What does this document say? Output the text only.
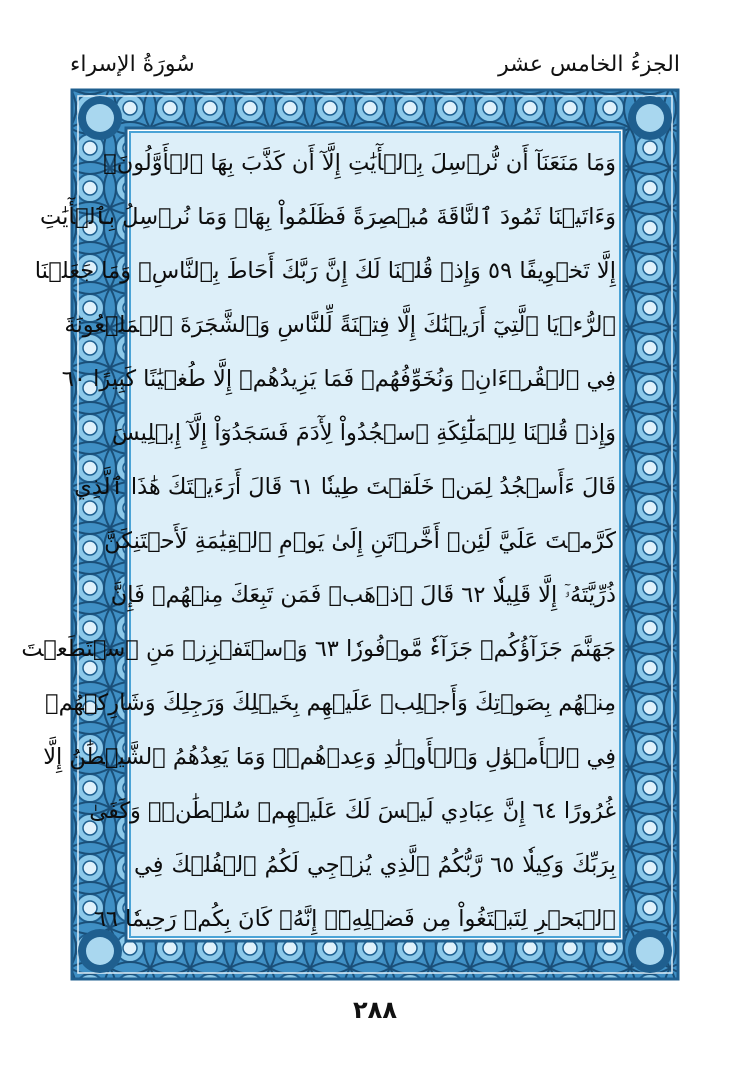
الجزءُ الخامس عشر
سُورَةُ الإسراء
وَمَا مَنَعَنَآ أَن نُّرۡسِلَ بِٱلۡأٓيَٰتِ إِلَّآ أَن كَذَّبَ بِهَا ٱلۡأَوَّلُونَۚ
وَءَاتَيۡنَا ثَمُودَ ٱلنَّاقَةَ مُبۡصِرَةً فَظَلَمُواْ بِهَاۚ وَمَا نُرۡسِلُ بِٱلۡأٓيَٰتِ
إِلَّا تَخۡوِيفًا ٥٩ وَإِذۡ قُلۡنَا لَكَ إِنَّ رَبَّكَ أَحَاطَ بِٱلنَّاسِۚ وَمَا جَعَلۡنَا
ٱلرُّءۡيَا ٱلَّتِيٓ أَرَيۡنَٰكَ إِلَّا فِتۡنَةً لِّلنَّاسِ وَٱلشَّجَرَةَ ٱلۡمَلۡعُونَةَ
فِي ٱلۡقُرۡءَانِۚ وَنُخَوِّفُهُمۡ فَمَا يَزِيدُهُمۡ إِلَّا طُغۡيَٰنًا كَبِيرًا ٦٠
وَإِذۡ قُلۡنَا لِلۡمَلَٰٓئِكَةِ ٱسۡجُدُواْ لِأٓدَمَ فَسَجَدُوٓاْ إِلَّآ إِبۡلِيسَ
قَالَ ءَأَسۡجُدُ لِمَنۡ خَلَقۡتَ طِينٗا ٦١ قَالَ أَرَءَيۡتَكَ هَٰذَا ٱلَّذِي
كَرَّمۡتَ عَلَيَّ لَئِنۡ أَخَّرۡتَنِ إِلَىٰ يَوۡمِ ٱلۡقِيَٰمَةِ لَأَحۡتَنِكَنَّ
ذُرِّيَّتَهُۥٓ إِلَّا قَلِيلٗا ٦٢ قَالَ ٱذۡهَبۡ فَمَن تَبِعَكَ مِنۡهُمۡ فَإِنَّ
جَهَنَّمَ جَزَآؤُكُمۡ جَزَآءٗ مَّوۡفُورٗا ٦٣ وَٱسۡتَفۡزِزۡ مَنِ ٱسۡتَطَعۡتَ
مِنۡهُم بِصَوۡتِكَ وَأَجۡلِبۡ عَلَيۡهِم بِخَيۡلِكَ وَرَجِلِكَ وَشَارِكۡهُمۡ
فِي ٱلۡأَمۡوَٰلِ وَٱلۡأَوۡلَٰدِ وَعِدۡهُمۡۚ وَمَا يَعِدُهُمُ ٱلشَّيۡطَٰنُ إِلَّا
غُرُورًا ٦٤ إِنَّ عِبَادِي لَيۡسَ لَكَ عَلَيۡهِمۡ سُلۡطَٰنٞۚ وَكَفَىٰ
بِرَبِّكَ وَكِيلٗا ٦٥ رَّبُّكُمُ ٱلَّذِي يُزۡجِي لَكُمُ ٱلۡفُلۡكَ فِي
ٱلۡبَحۡرِ لِتَبۡتَغُواْ مِن فَضۡلِهِۦٓۚ إِنَّهُۥ كَانَ بِكُمۡ رَحِيمٗا ٦٦
٢٨٨
